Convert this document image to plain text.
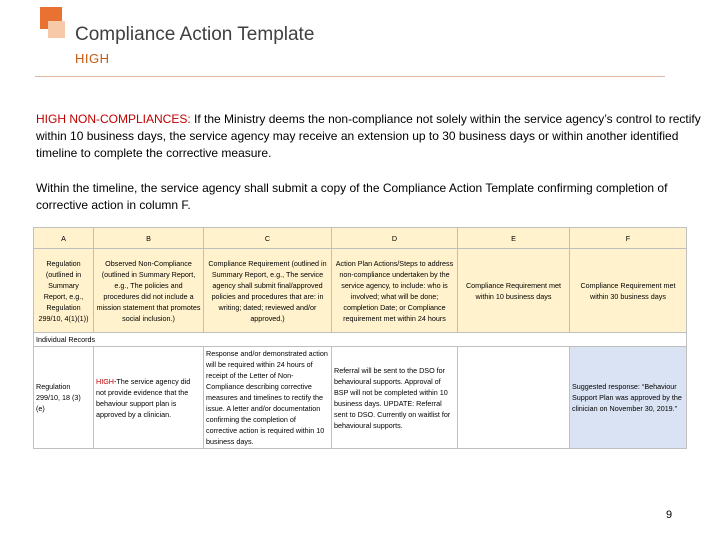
Compliance Action Template
HIGH
HIGH NON-COMPLIANCES: If the Ministry deems the non-compliance not solely within the service agency’s control to rectify within 10 business days, the service agency may receive an extension up to 30 business days or within another identified timeline to complete the corrective measure.
Within the timeline, the service agency shall submit a copy of the Compliance Action Template confirming completion of corrective action in column F.
A	B	C	D	E	F
Regulation (outlined in Summary Report, e.g., Regulation 299/10, 4(1)(1))	Observed Non-Compliance (outlined in Summary Report, e.g., The policies and procedures did not include a mission statement that promotes social inclusion.)	Compliance Requirement (outlined in Summary Report, e.g., The service agency shall submit final/approved policies and procedures that are: in writing; dated; reviewed and/or approved.)	Action Plan Actions/Steps to address non-compliance undertaken by the service agency, to include: who is involved; what will be done; completion Date; or Compliance requirement met within 24 hours	Compliance Requirement met within 10 business days	Compliance Requirement met within 30 business days
Individual Records					
Regulation 299/10, 18 (3) (e)	HIGH-The service agency did not provide evidence that the behaviour support plan is approved by a clinician.	Response and/or demonstrated action will be required within 24 hours of receipt of the Letter of Non-Compliance describing corrective measures and timelines to rectify the issue. A letter and/or documentation confirming the completion of corrective action is required within 10 business days.	Referral will be sent to the DSO for behavioural supports. Approval of BSP will not be completed within 10 business days. UPDATE: Referral sent to DSO. Currently on waitlist for behavioural supports.		Suggested response: “Behaviour Support Plan was approved by the clinician on November 30, 2019.”
9
